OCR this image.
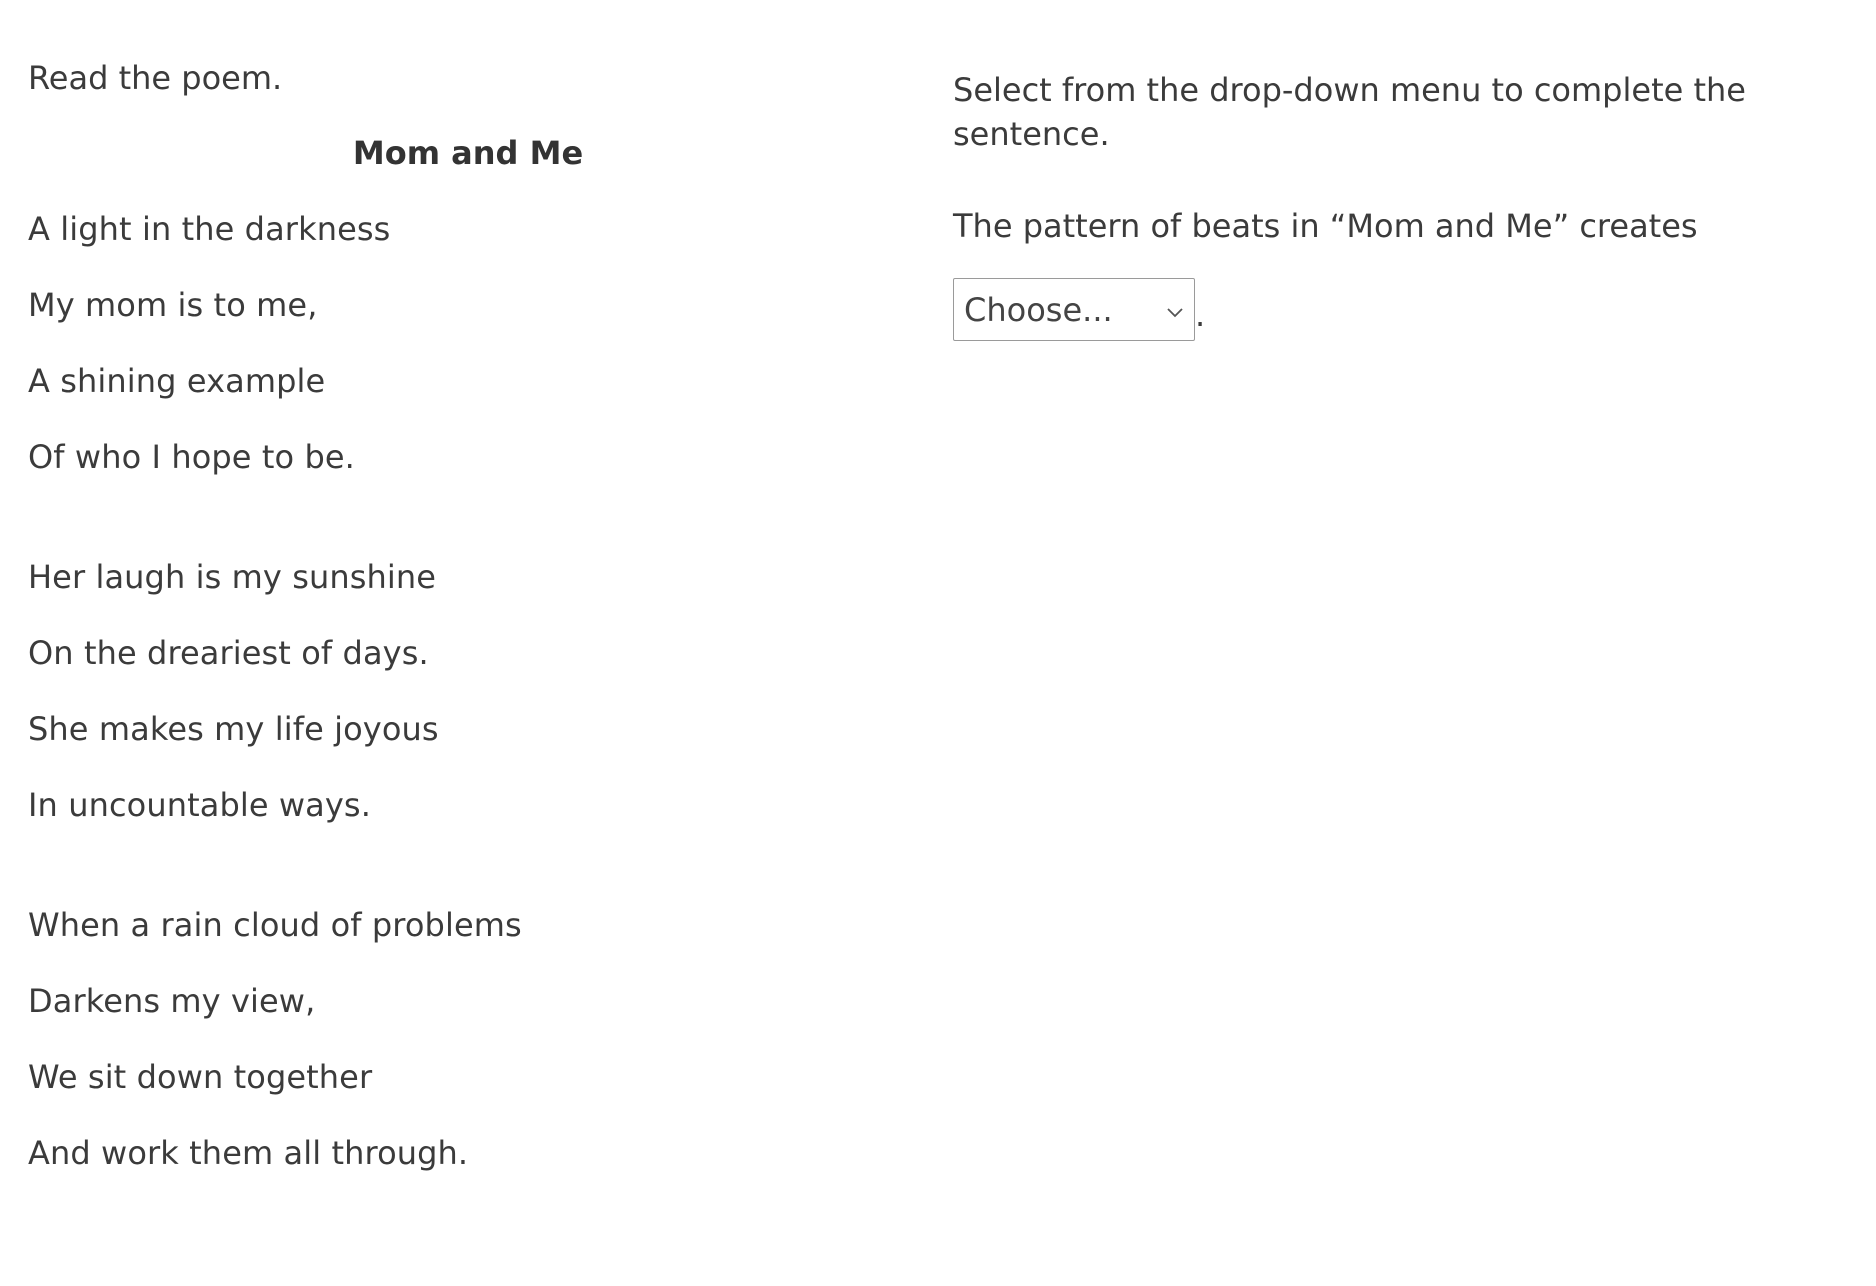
Read the poem.

Mom and Me

A light in the darkness

My mom is to me,

A shining example

Of who I hope to be.

Her laugh is my sunshine

On the dreariest of days.

She makes my life joyous

In uncountable ways.

When a rain cloud of problems

Darkens my view,

We sit down together

And work them all through.

Select from the drop-down menu to complete the sentence.

The pattern of beats in “Mom and Me” creates

Choose...	.
